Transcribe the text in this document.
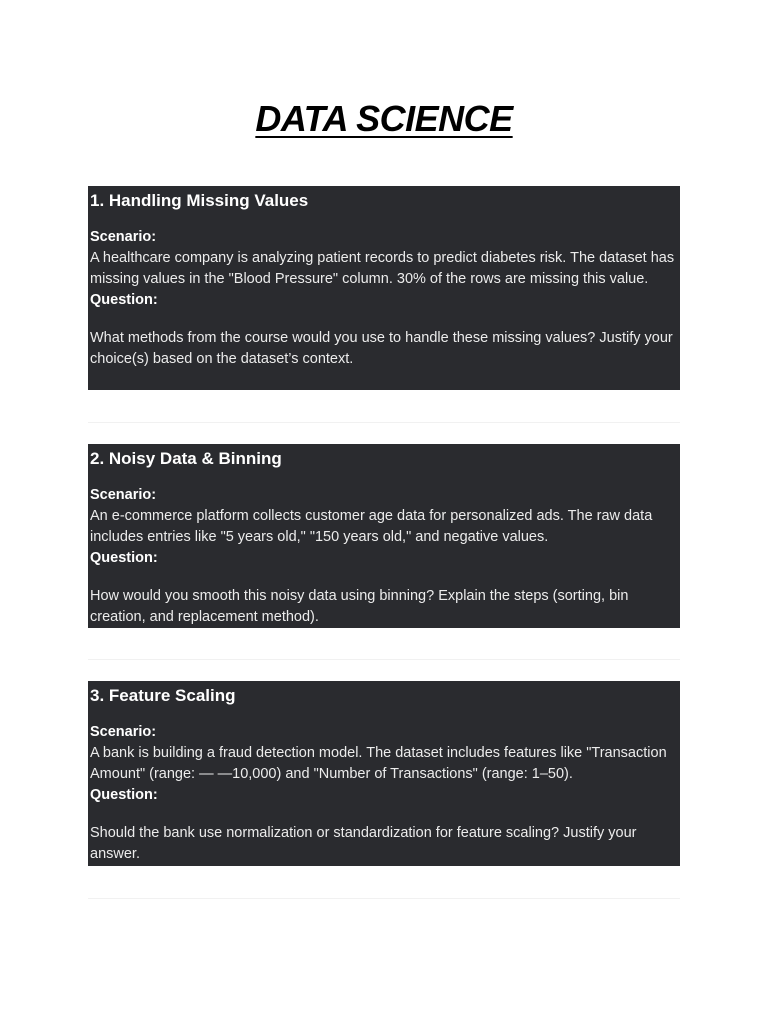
DATA SCIENCE
1. Handling Missing Values
Scenario:
A healthcare company is analyzing patient records to predict diabetes risk. The dataset has missing values in the "Blood Pressure" column. 30% of the rows are missing this value.
Question:
What methods from the course would you use to handle these missing values? Justify your choice(s) based on the dataset’s context.
2. Noisy Data & Binning
Scenario:
An e-commerce platform collects customer age data for personalized ads. The raw data includes entries like "5 years old," "150 years old," and negative values.
Question:
How would you smooth this noisy data using binning? Explain the steps (sorting, bin creation, and replacement method).
3. Feature Scaling
Scenario:
A bank is building a fraud detection model. The dataset includes features like "Transaction Amount" (range: — —10,000) and "Number of Transactions" (range: 1–50).
Question:
Should the bank use normalization or standardization for feature scaling? Justify your answer.
